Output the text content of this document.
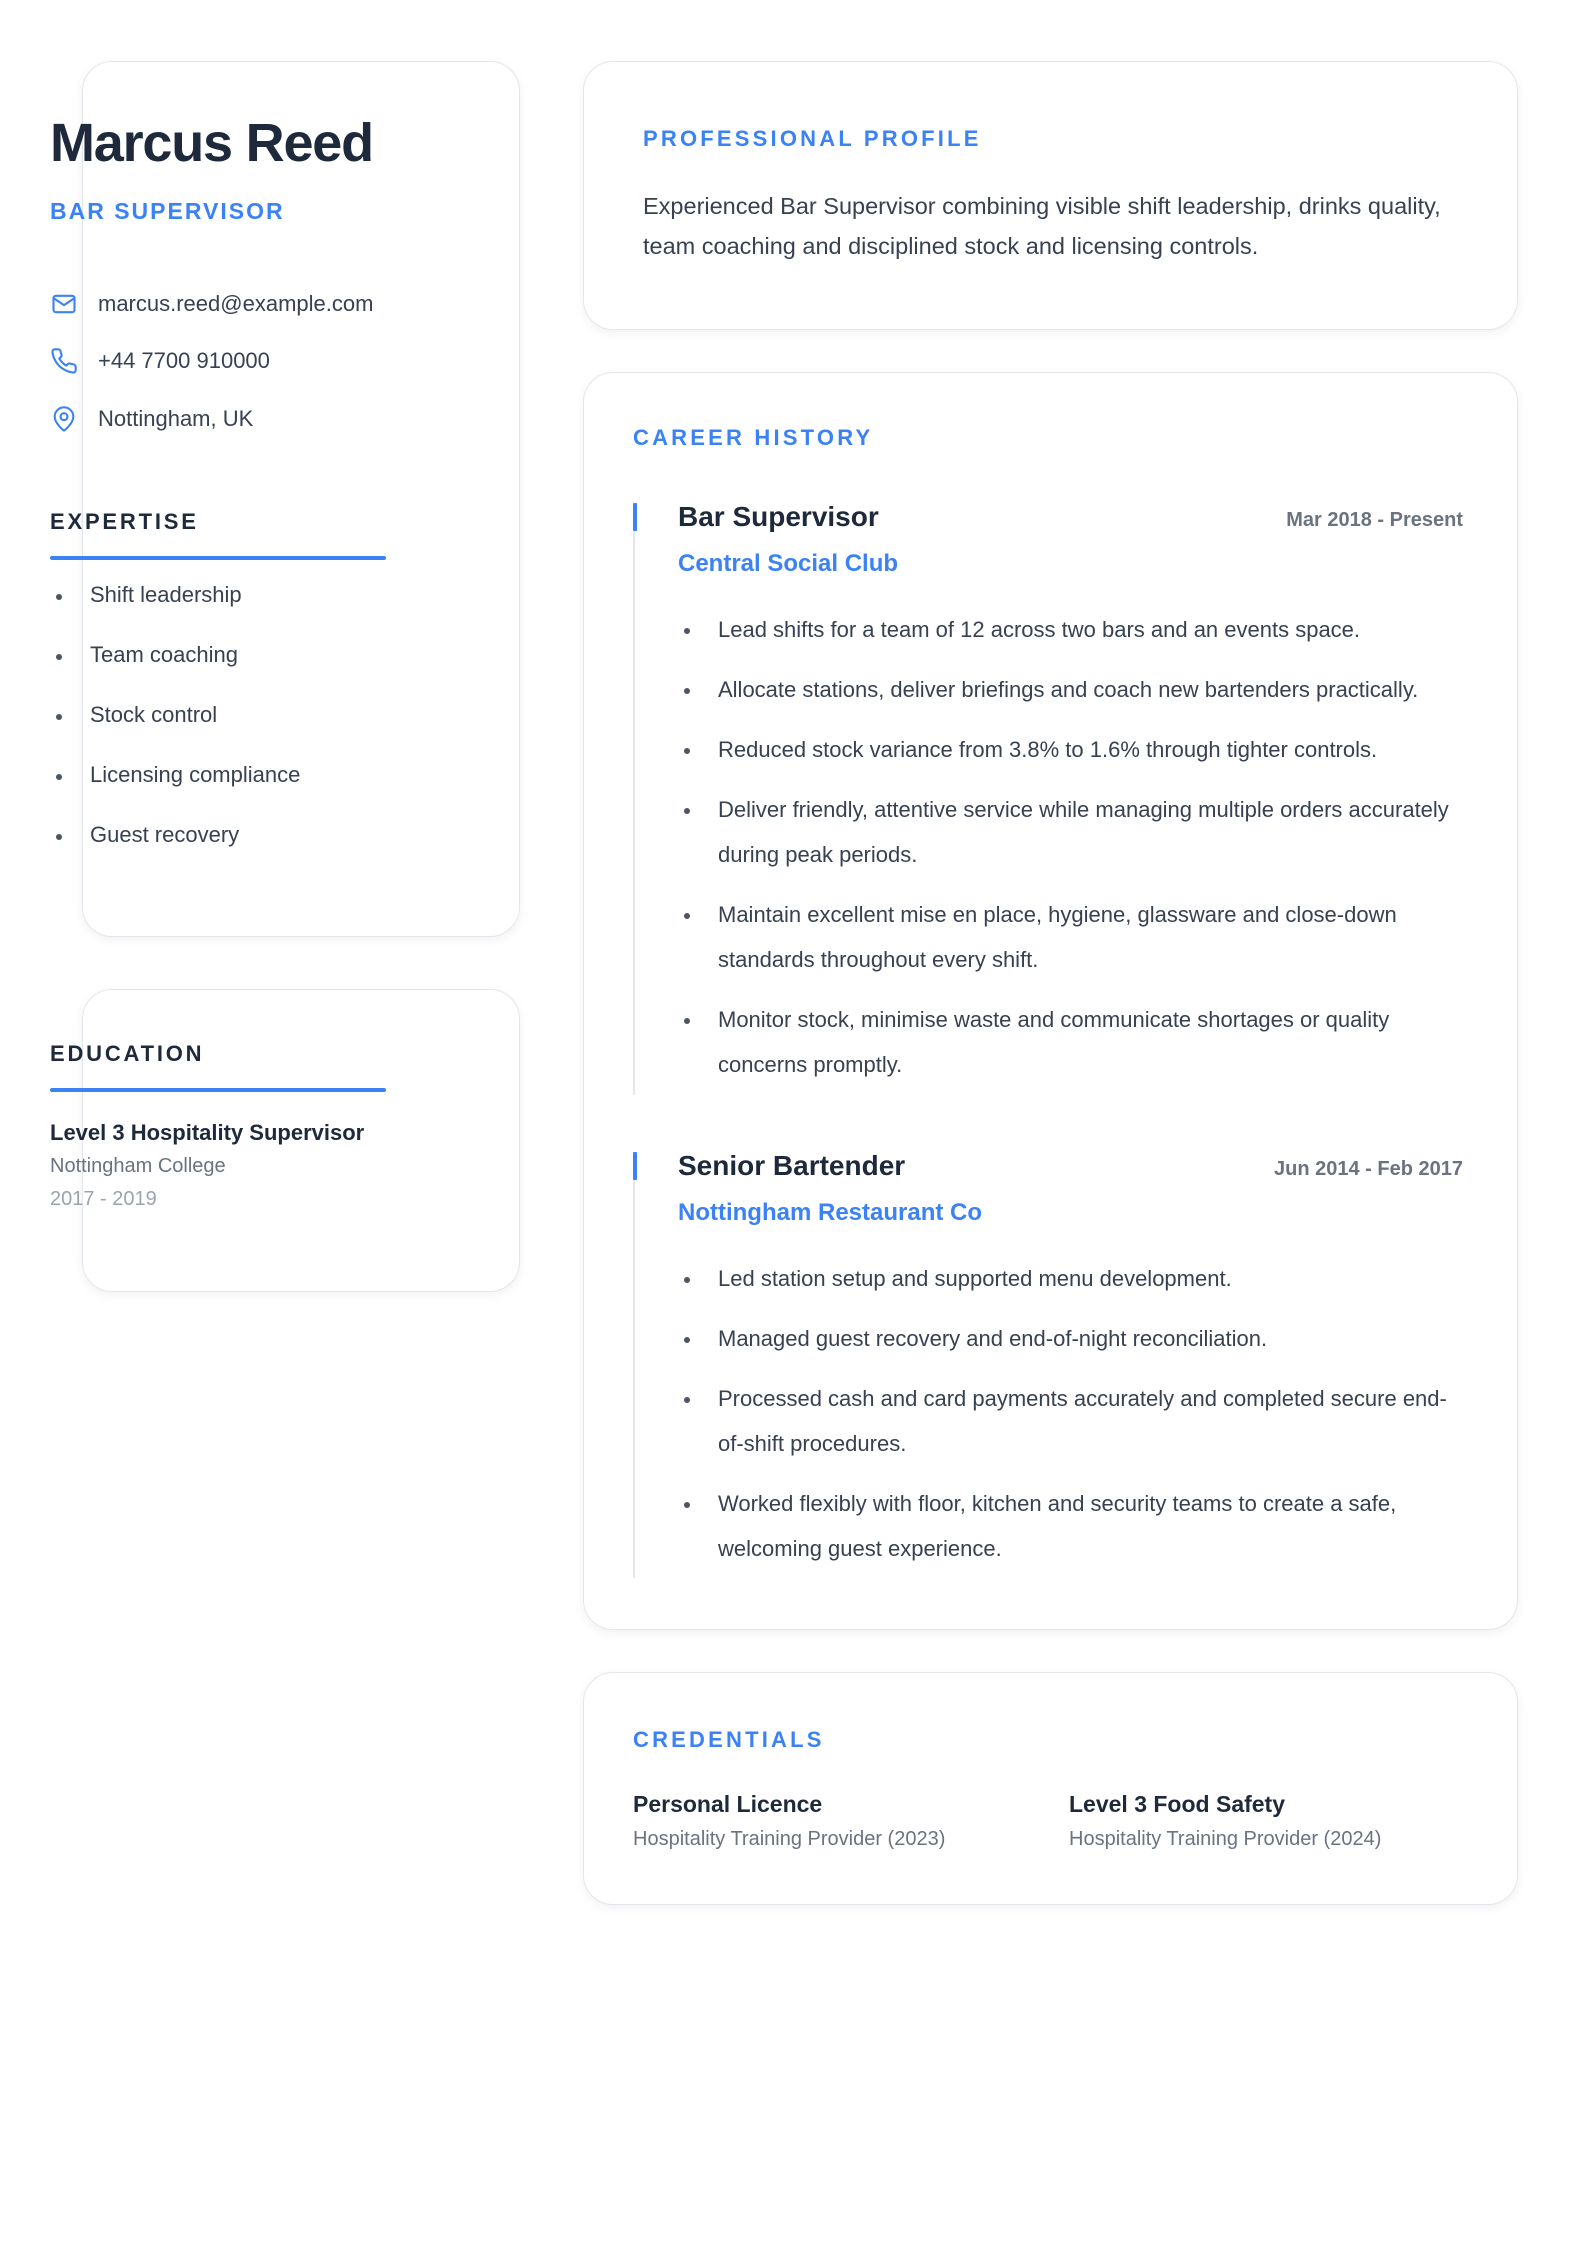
Marcus Reed
BAR SUPERVISOR
marcus.reed@example.com
+44 7700 910000
Nottingham, UK
EXPERTISE
Shift leadership
Team coaching
Stock control
Licensing compliance
Guest recovery
EDUCATION
Level 3 Hospitality Supervisor
Nottingham College
2017 - 2019
PROFESSIONAL PROFILE
Experienced Bar Supervisor combining visible shift leadership, drinks quality, team coaching and disciplined stock and licensing controls.
CAREER HISTORY
Bar Supervisor	Mar 2018 - Present
Central Social Club
Lead shifts for a team of 12 across two bars and an events space.
Allocate stations, deliver briefings and coach new bartenders practically.
Reduced stock variance from 3.8% to 1.6% through tighter controls.
Deliver friendly, attentive service while managing multiple orders accurately during peak periods.
Maintain excellent mise en place, hygiene, glassware and close-down standards throughout every shift.
Monitor stock, minimise waste and communicate shortages or quality concerns promptly.
Senior Bartender	Jun 2014 - Feb 2017
Nottingham Restaurant Co
Led station setup and supported menu development.
Managed guest recovery and end-of-night reconciliation.
Processed cash and card payments accurately and completed secure end-of-shift procedures.
Worked flexibly with floor, kitchen and security teams to create a safe, welcoming guest experience.
CREDENTIALS
Personal Licence
Hospitality Training Provider (2023)
Level 3 Food Safety
Hospitality Training Provider (2024)
